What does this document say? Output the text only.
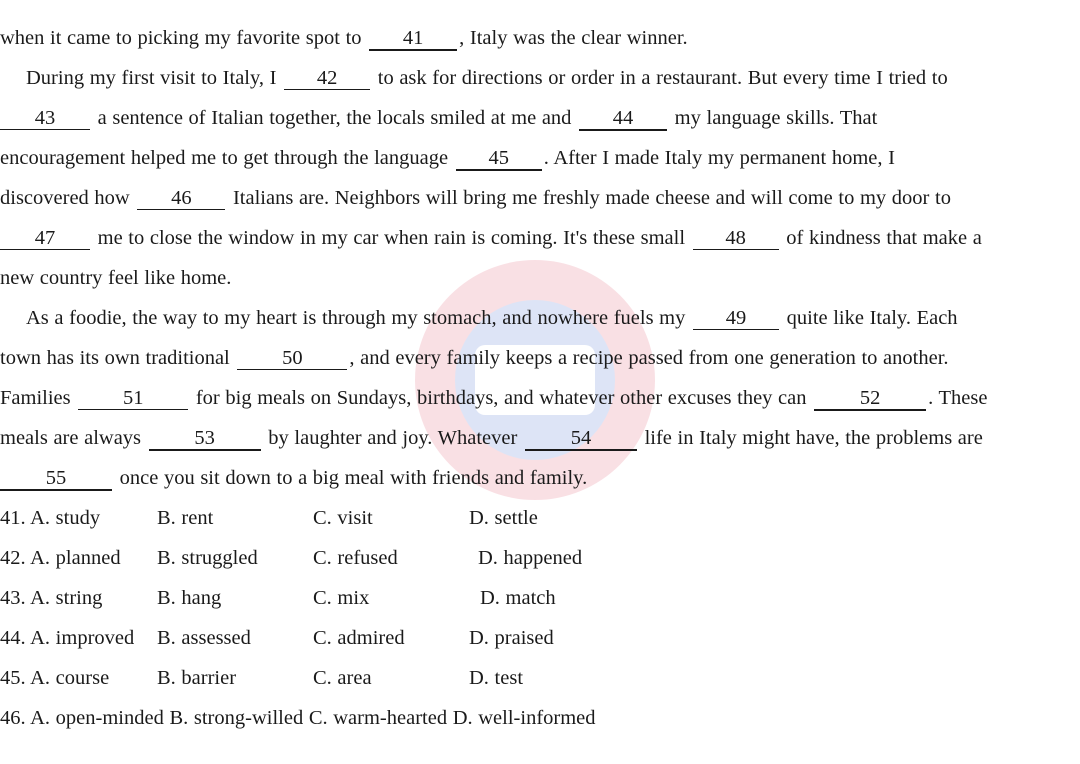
when it came to picking my favorite spot to 41 , Italy was the clear winner.
During my first visit to Italy, I 42 to ask for directions or order in a restaurant. But every time I tried to
43 a sentence of Italian together, the locals smiled at me and 44 my language skills. That
encouragement helped me to get through the language 45 . After I made Italy my permanent home, I
discovered how 46 Italians are. Neighbors will bring me freshly made cheese and will come to my door to
47 me to close the window in my car when rain is coming. It's these small 48 of kindness that make a
new country feel like home.
As a foodie, the way to my heart is through my stomach, and nowhere fuels my 49 quite like Italy. Each
town has its own traditional 50 , and every family keeps a recipe passed from one generation to another.
Families 51 for big meals on Sundays, birthdays, and whatever other excuses they can 52 . These
meals are always 53 by laughter and joy. Whatever 54 life in Italy might have, the problems are
55 once you sit down to a big meal with friends and family.
41. A. study	B. rent	C. visit	D. settle
42. A. planned B. struggled	C. refused	D. happened
43. A. string	B. hang	C. mix	D. match
44. A. improved B. assessed	C. admired	D. praised
45. A. course B. barrier	C. area	D. test
46. A. open-minded B. strong-willed C. warm-hearted D. well-informed
